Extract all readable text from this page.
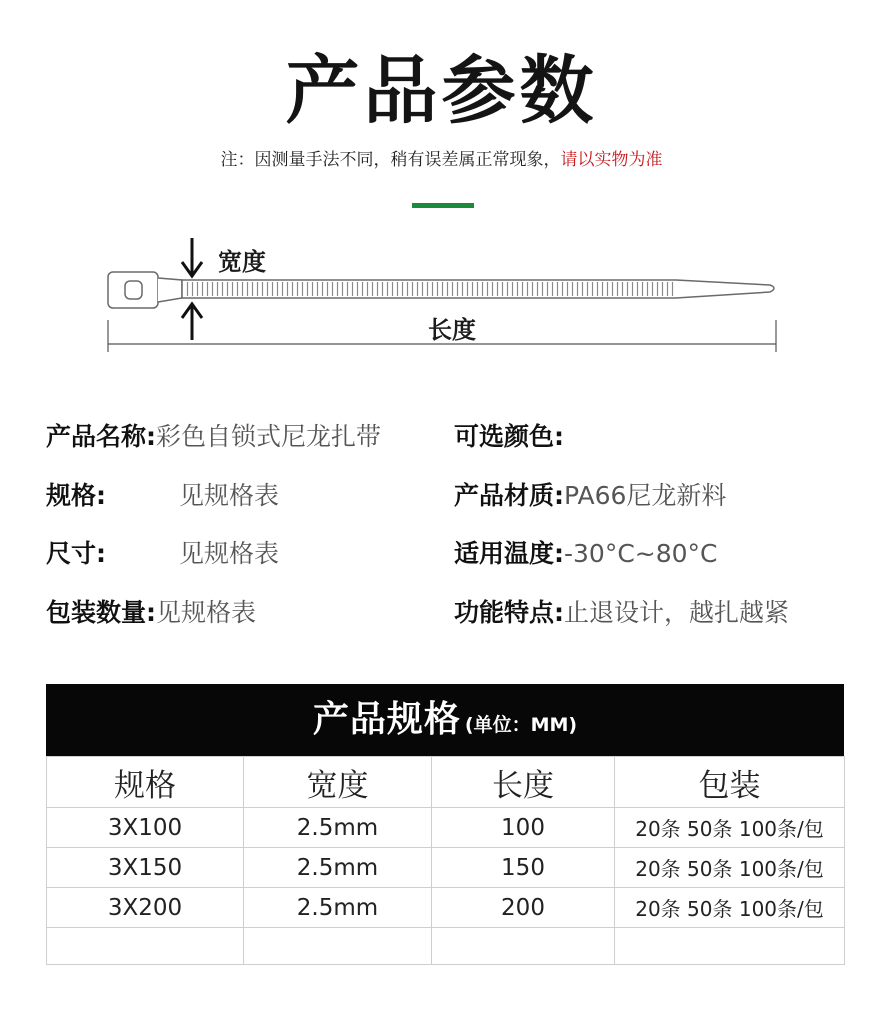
产品参数
注：因测量手法不同，稍有误差属正常现象，请以实物为准
宽度
长度
产品名称:彩色自锁式尼龙扎带
规格:	见规格表
尺寸:	见规格表
包装数量:见规格表
可选颜色:
产品材质:PA66尼龙新料
适用温度:-30°C~80°C
功能特点:止退设计，越扎越紧
产品规格 (单位：MM)
规格	宽度	长度	包装
3X100	2.5mm	100	20条 50条 100条/包
3X150	2.5mm	150	20条 50条 100条/包
3X200	2.5mm	200	20条 50条 100条/包
